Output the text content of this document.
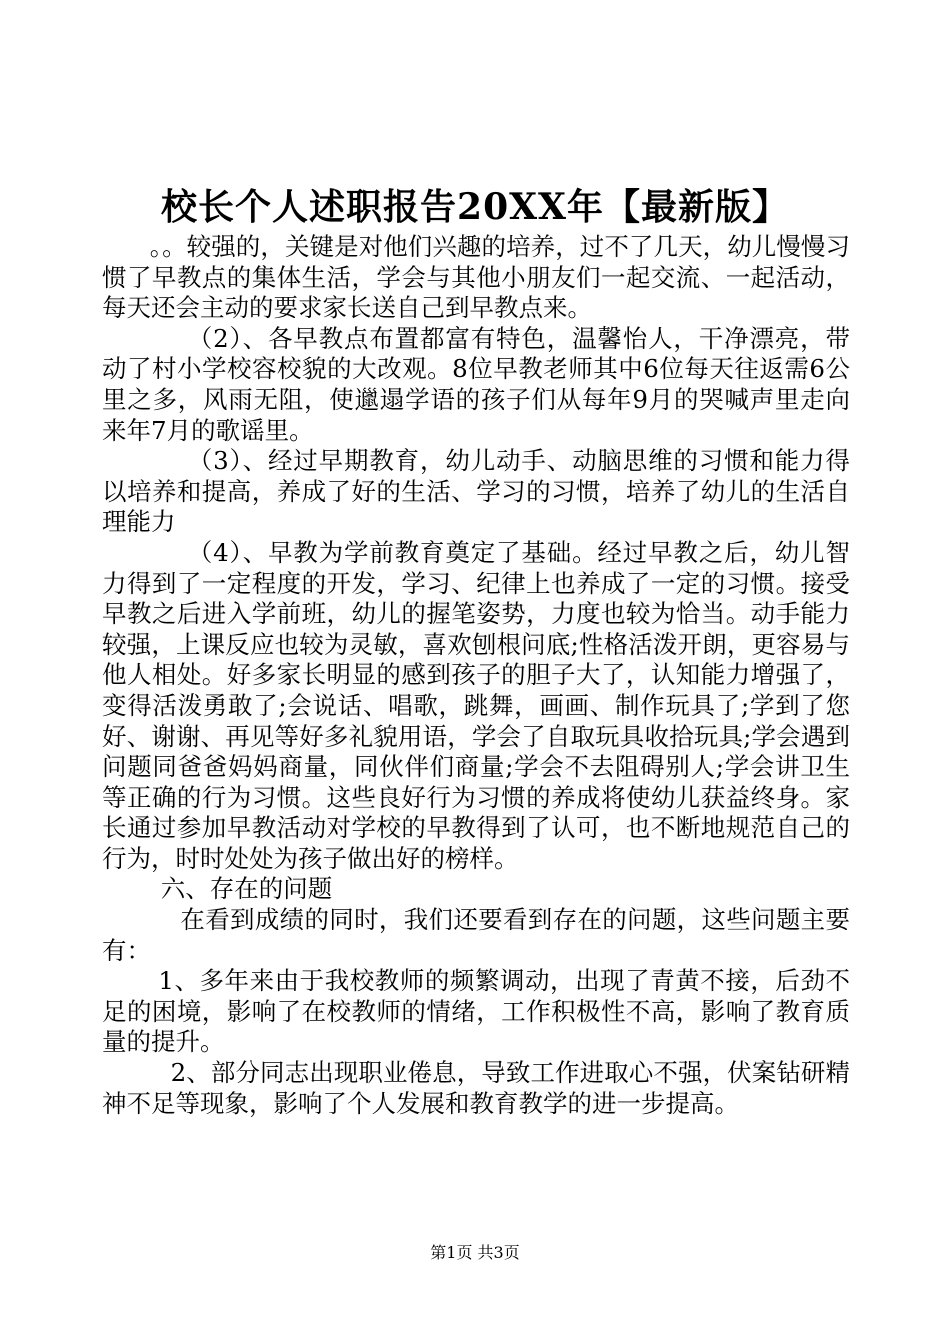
校长个人述职报告20XX年【最新版】

。。较强的，关键是对他们兴趣的培养，过不了几天，幼儿慢慢习惯了早教点的集体生活，学会与其他小朋友们一起交流、一起活动，每天还会主动的要求家长送自己到早教点来。

（2）、各早教点布置都富有特色，温馨怡人，干净漂亮，带动了村小学校容校貌的大改观。8位早教老师其中6位每天往返需6公里之多，风雨无阻，使邋遢学语的孩子们从每年9月的哭喊声里走向来年7月的歌谣里。

（3）、经过早期教育，幼儿动手、动脑思维的习惯和能力得以培养和提高，养成了好的生活、学习的习惯，培养了幼儿的生活自理能力

（4）、早教为学前教育奠定了基础。经过早教之后，幼儿智力得到了一定程度的开发，学习、纪律上也养成了一定的习惯。接受早教之后进入学前班，幼儿的握笔姿势，力度也较为恰当。动手能力较强，上课反应也较为灵敏，喜欢刨根问底;性格活泼开朗，更容易与他人相处。好多家长明显的感到孩子的胆子大了，认知能力增强了，变得活泼勇敢了;会说话、唱歌，跳舞，画画、制作玩具了;学到了您好、谢谢、再见等好多礼貌用语，学会了自取玩具收拾玩具;学会遇到问题同爸爸妈妈商量，同伙伴们商量;学会不去阻碍别人;学会讲卫生等正确的行为习惯。这些良好行为习惯的养成将使幼儿获益终身。家长通过参加早教活动对学校的早教得到了认可，也不断地规范自己的行为，时时处处为孩子做出好的榜样。

六、存在的问题

在看到成绩的同时，我们还要看到存在的问题，这些问题主要有：

1、多年来由于我校教师的频繁调动，出现了青黄不接，后劲不足的困境，影响了在校教师的情绪，工作积极性不高，影响了教育质量的提升。

2、部分同志出现职业倦息，导致工作进取心不强，伏案钻研精神不足等现象，影响了个人发展和教育教学的进一步提高。

第1页 共3页
